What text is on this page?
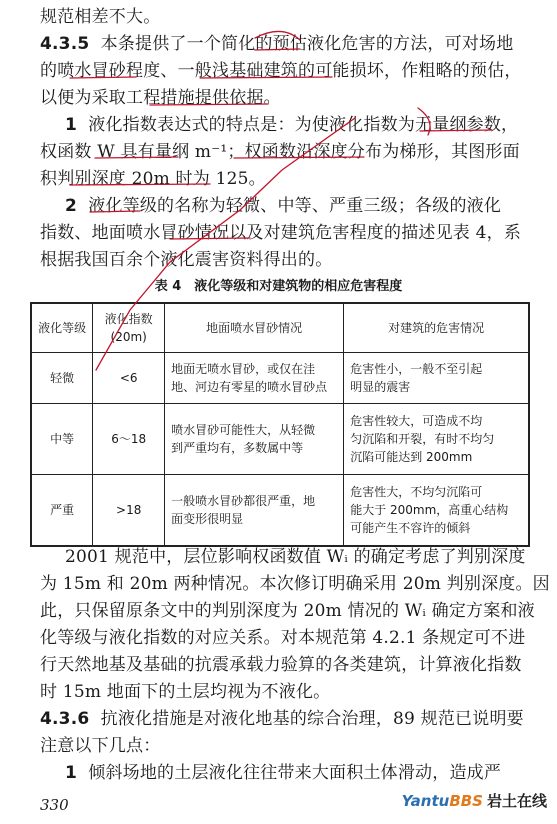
规范相差不大。
4.3.5 本条提供了一个简化的预估液化危害的方法，可对场地
的喷水冒砂程度、一般浅基础建筑的可能损坏，作粗略的预估，
以便为采取工程措施提供依据。
1 液化指数表达式的特点是：为使液化指数为无量纲参数，
权函数 W 具有量纲 m⁻¹；权函数沿深度分布为梯形，其图形面
积判别深度 20m 时为 125。
2 液化等级的名称为轻微、中等、严重三级；各级的液化
指数、地面喷水冒砂情况以及对建筑危害程度的描述见表 4，系
根据我国百余个液化震害资料得出的。
表 4　液化等级和对建筑物的相应危害程度
液化等级	液化指数
(20m)	地面喷水冒砂情况	对建筑的危害情况
轻微	<6	地面无喷水冒砂，或仅在洼
地、河边有零星的喷水冒砂点	危害性小，一般不至引起
明显的震害
中等	6～18	喷水冒砂可能性大，从轻微
到严重均有，多数属中等	危害性较大，可造成不均
匀沉陷和开裂，有时不均匀
沉陷可能达到 200mm
严重	>18	一般喷水冒砂都很严重，地
面变形很明显	危害性大，不均匀沉陷可
能大于 200mm，高重心结构
可能产生不容许的倾斜
2001 规范中，层位影响权函数值 Wᵢ 的确定考虑了判别深度
为 15m 和 20m 两种情况。本次修订明确采用 20m 判别深度。因
此，只保留原条文中的判别深度为 20m 情况的 Wᵢ 确定方案和液
化等级与液化指数的对应关系。对本规范第 4.2.1 条规定可不进
行天然地基及基础的抗震承载力验算的各类建筑，计算液化指数
时 15m 地面下的土层均视为不液化。
4.3.6 抗液化措施是对液化地基的综合治理，89 规范已说明要
注意以下几点：
1 倾斜场地的土层液化往往带来大面积土体滑动，造成严
330	YantuBBS 岩土在线
